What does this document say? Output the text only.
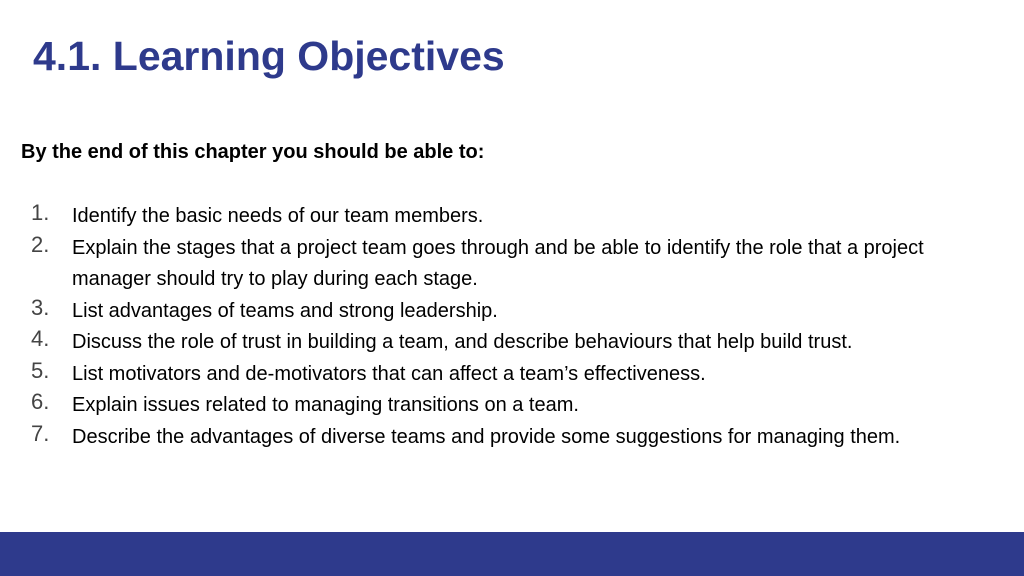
4.1. Learning Objectives

By the end of this chapter you should be able to:

1. Identify the basic needs of our team members.
2. Explain the stages that a project team goes through and be able to identify the role that a project manager should try to play during each stage.
3. List advantages of teams and strong leadership.
4. Discuss the role of trust in building a team, and describe behaviours that help build trust.
5. List motivators and de-motivators that can affect a team’s effectiveness.
6. Explain issues related to managing transitions on a team.
7. Describe the advantages of diverse teams and provide some suggestions for managing them.
